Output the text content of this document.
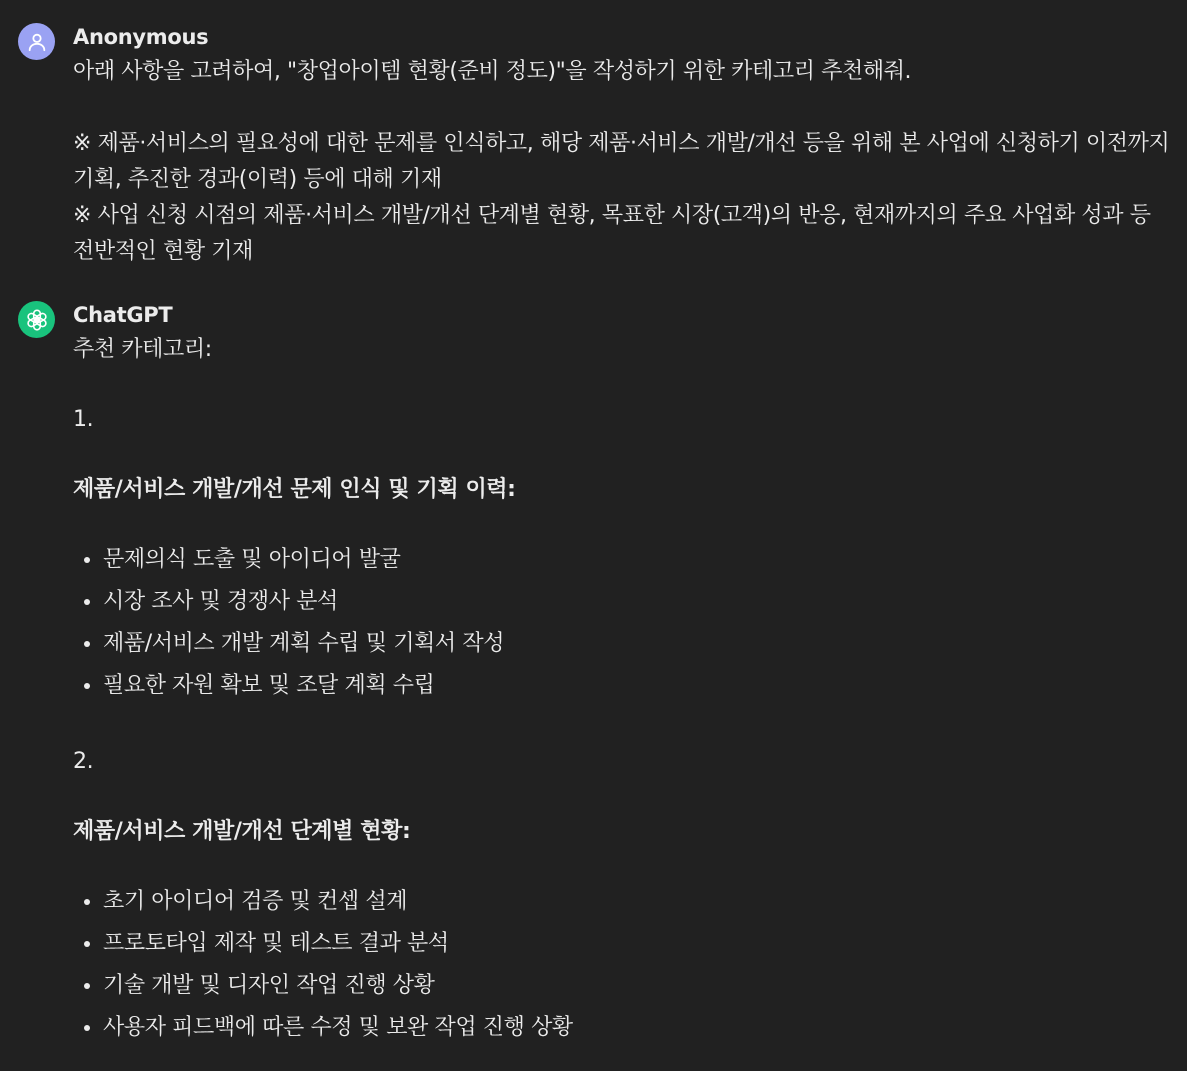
Anonymous

아래 사항을 고려하여, "창업아이템 현황(준비 정도)"을 작성하기 위한 카테고리 추천해줘.

※ 제품·서비스의 필요성에 대한 문제를 인식하고, 해당 제품·서비스 개발/개선 등을 위해 본 사업에 신청하기 이전까지 기획, 추진한 경과(이력) 등에 대해 기재

※ 사업 신청 시점의 제품·서비스 개발/개선 단계별 현황, 목표한 시장(고객)의 반응, 현재까지의 주요 사업화 성과 등 전반적인 현황 기재

ChatGPT

추천 카테고리:

1.

제품/서비스 개발/개선 문제 인식 및 기획 이력:

• 문제의식 도출 및 아이디어 발굴
• 시장 조사 및 경쟁사 분석
• 제품/서비스 개발 계획 수립 및 기획서 작성
• 필요한 자원 확보 및 조달 계획 수립

2.

제품/서비스 개발/개선 단계별 현황:

• 초기 아이디어 검증 및 컨셉 설계
• 프로토타입 제작 및 테스트 결과 분석
• 기술 개발 및 디자인 작업 진행 상황
• 사용자 피드백에 따른 수정 및 보완 작업 진행 상황
